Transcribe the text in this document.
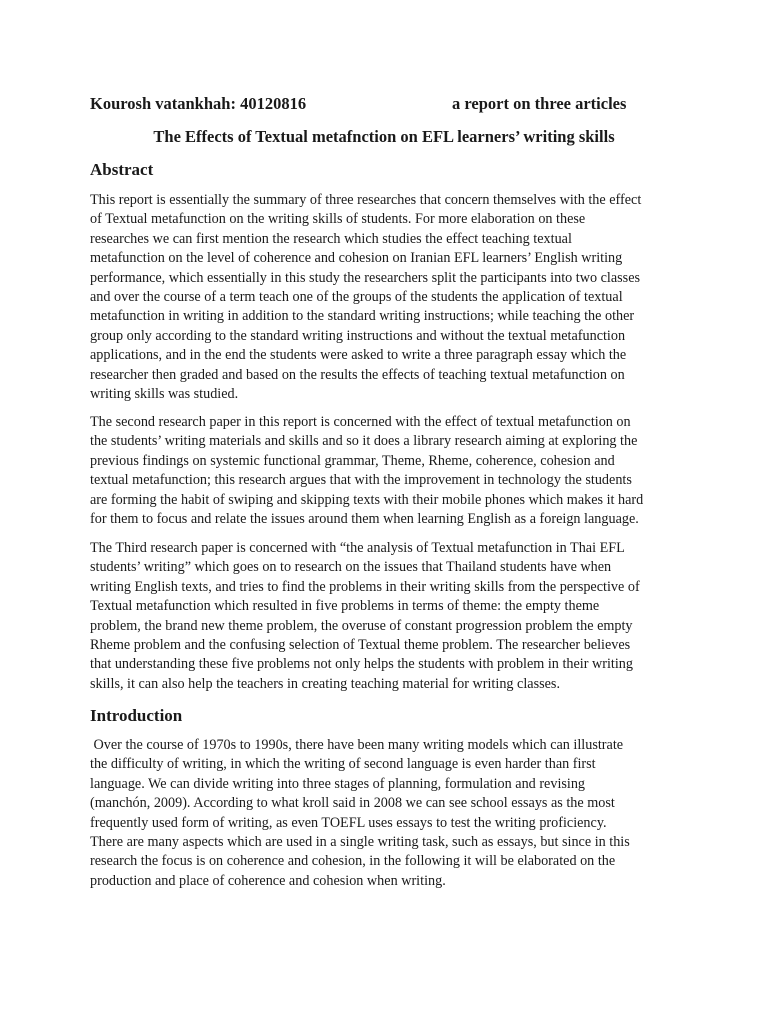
Kourosh vatankhah: 40120816	a report on three articles
The Effects of Textual metafnction on EFL learners’ writing skills
Abstract

This report is essentially the summary of three researches that concern themselves with the effect
of Textual metafunction on the writing skills of students. For more elaboration on these
researches we can first mention the research which studies the effect teaching textual
metafunction on the level of coherence and cohesion on Iranian EFL learners’ English writing
performance, which essentially in this study the researchers split the participants into two classes
and over the course of a term teach one of the groups of the students the application of textual
metafunction in writing in addition to the standard writing instructions; while teaching the other
group only according to the standard writing instructions and without the textual metafunction
applications, and in the end the students were asked to write a three paragraph essay which the
researcher then graded and based on the results the effects of teaching textual metafunction on
writing skills was studied.

The second research paper in this report is concerned with the effect of textual metafunction on
the students’ writing materials and skills and so it does a library research aiming at exploring the
previous findings on systemic functional grammar, Theme, Rheme, coherence, cohesion and
textual metafunction; this research argues that with the improvement in technology the students
are forming the habit of swiping and skipping texts with their mobile phones which makes it hard
for them to focus and relate the issues around them when learning English as a foreign language.

The Third research paper is concerned with “the analysis of Textual metafunction in Thai EFL
students’ writing” which goes on to research on the issues that Thailand students have when
writing English texts, and tries to find the problems in their writing skills from the perspective of
Textual metafunction which resulted in five problems in terms of theme: the empty theme
problem, the brand new theme problem, the overuse of constant progression problem the empty
Rheme problem and the confusing selection of Textual theme problem. The researcher believes
that understanding these five problems not only helps the students with problem in their writing
skills, it can also help the teachers in creating teaching material for writing classes.

Introduction

Over the course of 1970s to 1990s, there have been many writing models which can illustrate
the difficulty of writing, in which the writing of second language is even harder than first
language. We can divide writing into three stages of planning, formulation and revising
(manchón, 2009). According to what kroll said in 2008 we can see school essays as the most
frequently used form of writing, as even TOEFL uses essays to test the writing proficiency.
There are many aspects which are used in a single writing task, such as essays, but since in this
research the focus is on coherence and cohesion, in the following it will be elaborated on the
production and place of coherence and cohesion when writing.
